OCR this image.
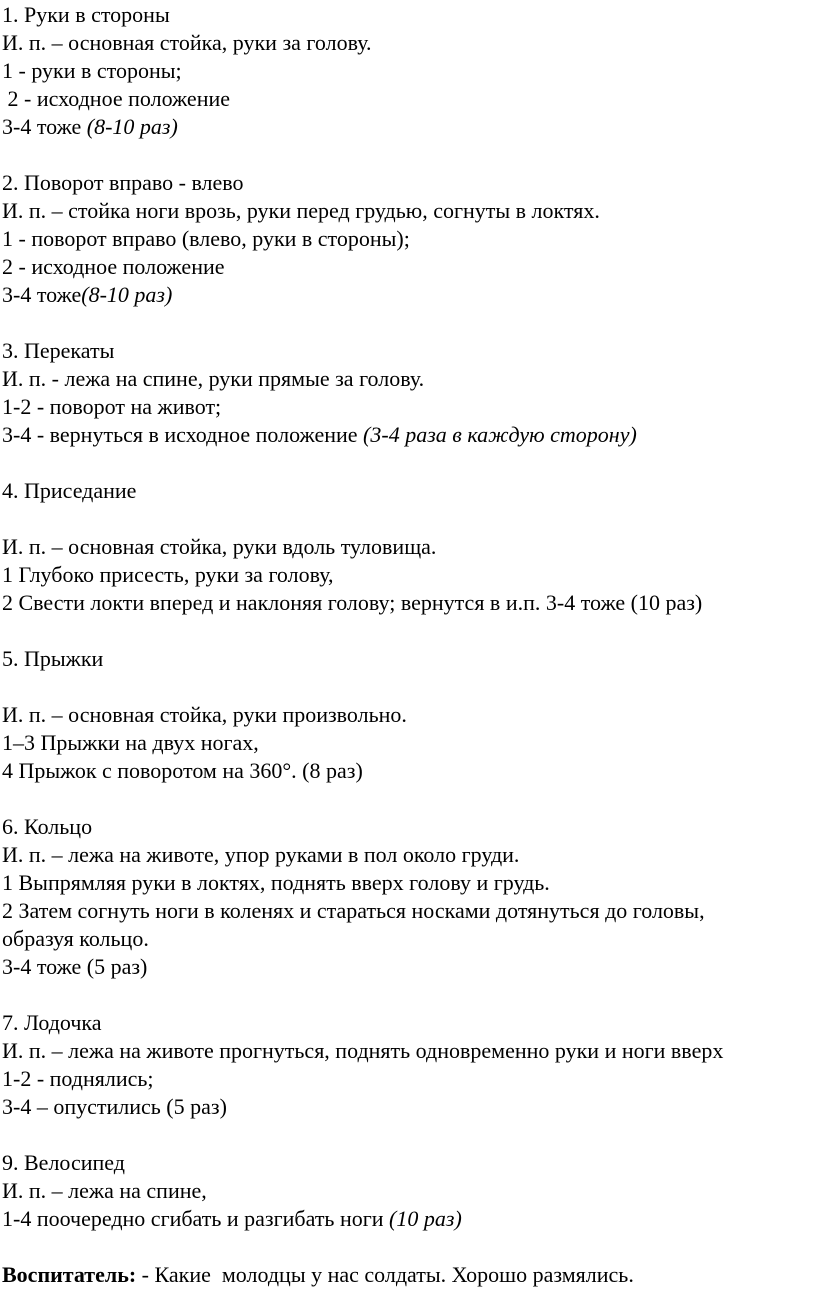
1. Руки в стороны
И. п. – основная стойка, руки за голову.
1 - руки в стороны;
2 - исходное положение
3-4 тоже (8-10 раз)
2. Поворот вправо - влево
И. п. – стойка ноги врозь, руки перед грудью, согнуты в локтях.
1 - поворот вправо (влево, руки в стороны);
2 - исходное положение
3-4 тоже(8-10 раз)
3. Перекаты
И. п. - лежа на спине, руки прямые за голову.
1-2 - поворот на живот;
3-4 - вернуться в исходное положение (3-4 раза в каждую сторону)
4. Приседание
И. п. – основная стойка, руки вдоль туловища.
1 Глубоко присесть, руки за голову,
2 Свести локти вперед и наклоняя голову; вернутся в и.п. 3-4 тоже (10 раз)
5. Прыжки
И. п. – основная стойка, руки произвольно.
1–3 Прыжки на двух ногах,
4 Прыжок с поворотом на 360°. (8 раз)
6. Кольцо
И. п. – лежа на животе, упор руками в пол около груди.
1 Выпрямляя руки в локтях, поднять вверх голову и грудь.
2 Затем согнуть ноги в коленях и стараться носками дотянуться до головы,
образуя кольцо.
3-4 тоже (5 раз)
7. Лодочка
И. п. – лежа на животе прогнуться, поднять одновременно руки и ноги вверх
1-2 - поднялись;
3-4 – опустились (5 раз)
9. Велосипед
И. п. – лежа на спине,
1-4 поочередно сгибать и разгибать ноги (10 раз)
Воспитатель: - Какие  молодцы у нас солдаты. Хорошо размялись.
